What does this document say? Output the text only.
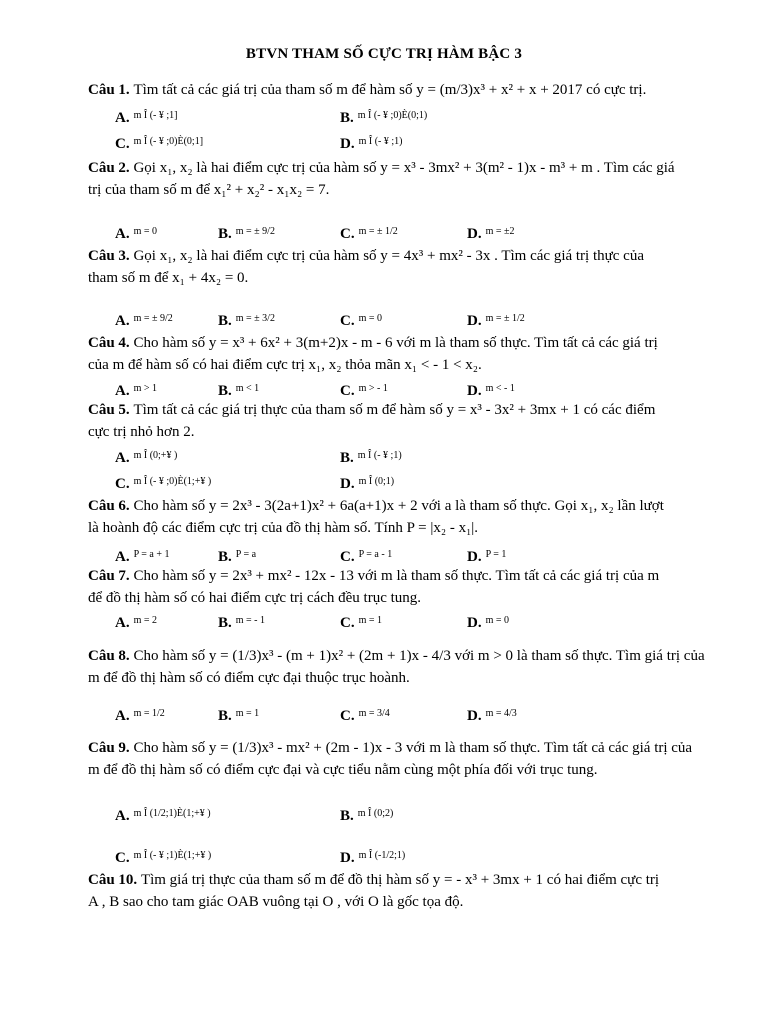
BTVN THAM SỐ CỰC TRỊ HÀM BẬC 3
Câu 1. Tìm tất cả các giá trị của tham số m để hàm số y = (m/3)x³ + x² + x + 2017 có cực trị.
A. $^{m Î (- ¥ ;1]}$	B. $^{m Î (- ¥ ;0)È(0;1)}$
C. $^{m Î (- ¥ ;0)È(0;1]}$	D. $^{m Î (- ¥ ;1)}$
Câu 2. Gọi x₁, x₂ là hai điểm cực trị của hàm số y = x³ - 3mx² + 3(m² - 1)x - m³ + m . Tìm các giá
trị của tham số m để x₁² + x₂² - x₁x₂ = 7.
A. $^{m = 0}$	B. $^{m = \pm 9/2}$	C. $^{m = \pm 1/2}$	D. $^{m = \pm 2}$
Câu 3. Gọi x₁, x₂ là hai điểm cực trị của hàm số y = 4x³ + mx² - 3x . Tìm các giá trị thực của
tham số m để x₁ + 4x₂ = 0.
A. $^{m = \pm 9/2}$	B. $^{m = \pm 3/2}$	C. $^{m = 0}$	D. $^{m = \pm 1/2}$
Câu 4. Cho hàm số y = x³ + 6x² + 3(m+2)x - m - 6 với m là tham số thực. Tìm tất cả các giá trị
của m để hàm số có hai điểm cực trị x₁, x₂ thỏa mãn x₁ < - 1 < x₂.
A. $^{m > 1}$	B. $^{m < 1}$	C. $^{m > - 1}$	D. $^{m < - 1}$
Câu 5. Tìm tất cả các giá trị thực của tham số m để hàm số y = x³ - 3x² + 3mx + 1 có các điểm
cực trị nhỏ hơn 2.
A. $^{m Î (0;+¥ )}$	B. $^{m Î (- ¥ ;1)}$
C. $^{m Î (- ¥ ;0)È(1;+¥ )}$	D. $^{m Î (0;1)}$
Câu 6. Cho hàm số y = 2x³ - 3(2a+1)x² + 6a(a+1)x + 2 với a là tham số thực. Gọi x₁, x₂ lần lượt
là hoành độ các điểm cực trị của đồ thị hàm số. Tính P = |x₂ - x₁|.
A. $^{P = a + 1}$	B. $^{P = a}$	C. $^{P = a - 1}$	D. $^{P = 1}$
Câu 7. Cho hàm số y = 2x³ + mx² - 12x - 13 với m là tham số thực. Tìm tất cả các giá trị của m
để đồ thị hàm số có hai điểm cực trị cách đều trục tung.
A. $^{m = 2}$	B. $^{m = - 1}$	C. $^{m = 1}$	D. $^{m = 0}$
Câu 8. Cho hàm số y = (1/3)x³ - (m + 1)x² + (2m + 1)x - 4/3 với m > 0 là tham số thực. Tìm giá trị của
m để đồ thị hàm số có điểm cực đại thuộc trục hoành.
A. $^{m = 1/2}$	B. $^{m = 1}$	C. $^{m = 3/4}$	D. $^{m = 4/3}$
Câu 9. Cho hàm số y = (1/3)x³ - mx² + (2m - 1)x - 3 với m là tham số thực. Tìm tất cả các giá trị của
m để đồ thị hàm số có điểm cực đại và cực tiểu nằm cùng một phía đối với trục tung.
A. $^{m Î (1/2;1)È(1;+¥ )}$	B. $^{m Î (0;2)}$
C. $^{m Î (- ¥ ;1)È(1;+¥ )}$	D. $^{m Î (-1/2;1)}$
Câu 10. Tìm giá trị thực của tham số m để đồ thị hàm số y = - x³ + 3mx + 1 có hai điểm cực trị
A , B sao cho tam giác OAB vuông tại O , với O là gốc tọa độ.
